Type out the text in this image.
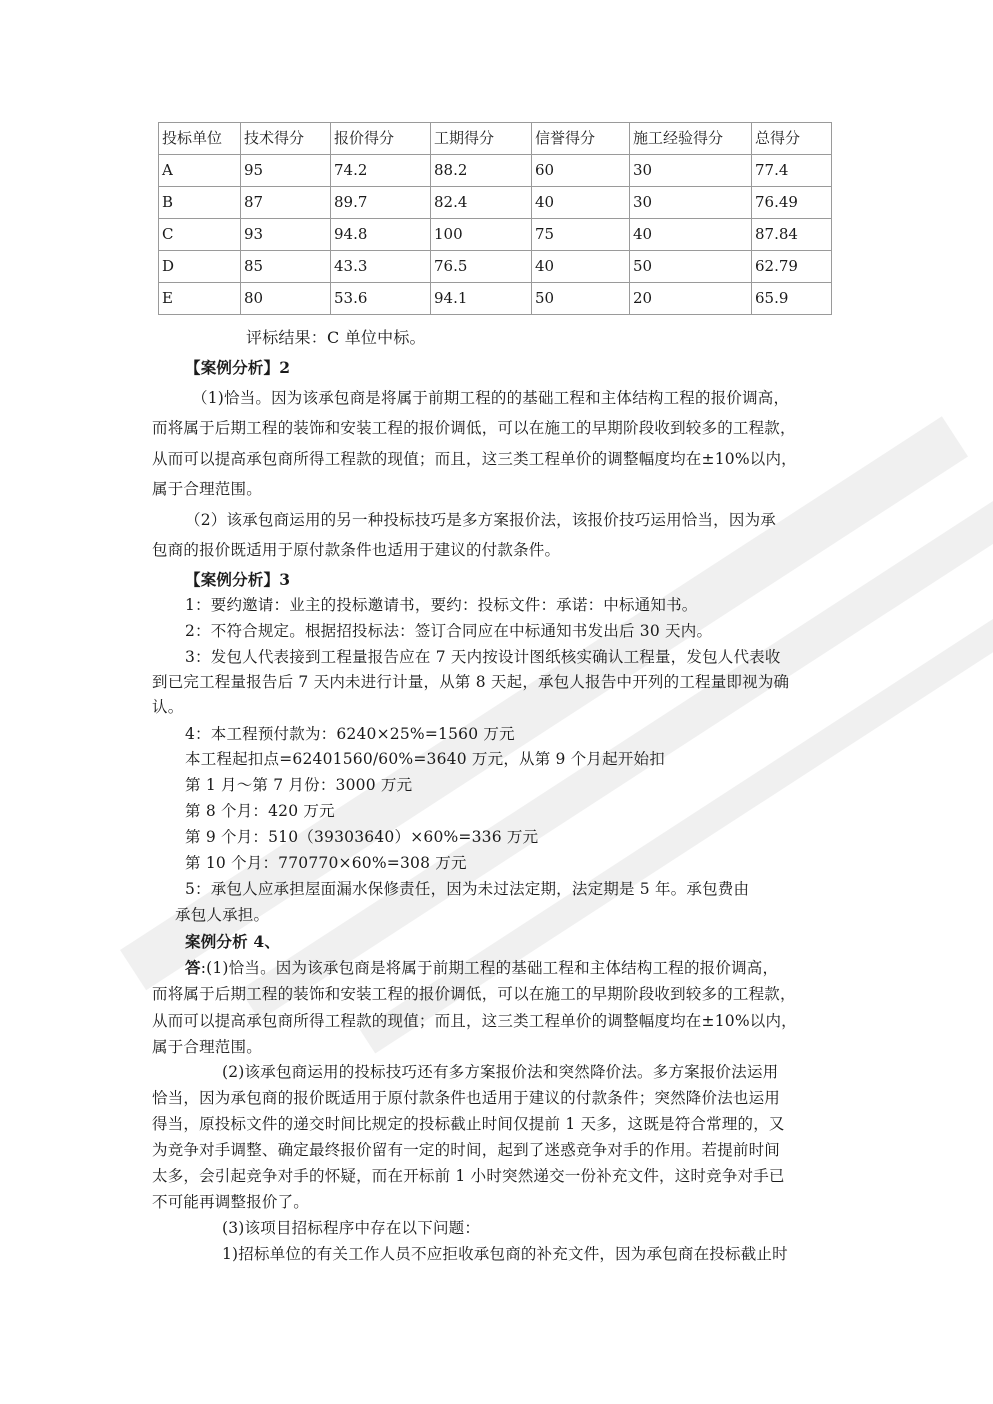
投标单位	技术得分	报价得分	工期得分	信誉得分	施工经验得分	总得分
A	95	74.2	88.2	60	30	77.4
B	87	89.7	82.4	40	30	76.49
C	93	94.8	100	75	40	87.84
D	85	43.3	76.5	40	50	62.79
E	80	53.6	94.1	50	20	65.9
评标结果：C 单位中标。
【案例分析】2
（1)恰当。因为该承包商是将属于前期工程的的基础工程和主体结构工程的报价调高，
而将属于后期工程的装饰和安装工程的报价调低，可以在施工的早期阶段收到较多的工程款，
从而可以提高承包商所得工程款的现值；而且，这三类工程单价的调整幅度均在±10%以内，
属于合理范围。
（2）该承包商运用的另一种投标技巧是多方案报价法，该报价技巧运用恰当，因为承
包商的报价既适用于原付款条件也适用于建议的付款条件。
【案例分析】3
1：要约邀请：业主的投标邀请书，要约：投标文件：承诺：中标通知书。
2：不符合规定。根据招投标法：签订合同应在中标通知书发出后 30 天内。
3：发包人代表接到工程量报告应在 7 天内按设计图纸核实确认工程量，发包人代表收
到已完工程量报告后 7 天内未进行计量，从第 8 天起，承包人报告中开列的工程量即视为确
认。
4：本工程预付款为：6240×25%=1560 万元
本工程起扣点=62401560/60%=3640 万元，从第 9 个月起开始扣
第 1 月～第 7 月份：3000 万元
第 8 个月：420 万元
第 9 个月：510（39303640）×60%=336 万元
第 10 个月：770770×60%=308 万元
5：承包人应承担屋面漏水保修责任，因为未过法定期，法定期是 5 年。承包费由
承包人承担。
案例分析 4、
答:(1)恰当。因为该承包商是将属于前期工程的基础工程和主体结构工程的报价调高，
而将属于后期工程的装饰和安装工程的报价调低，可以在施工的早期阶段收到较多的工程款，
从而可以提高承包商所得工程款的现值；而且，这三类工程单价的调整幅度均在±10%以内，
属于合理范围。
(2)该承包商运用的投标技巧还有多方案报价法和突然降价法。多方案报价法运用
恰当，因为承包商的报价既适用于原付款条件也适用于建议的付款条件；突然降价法也运用
得当，原投标文件的递交时间比规定的投标截止时间仅提前 1 天多，这既是符合常理的，又
为竞争对手调整、确定最终报价留有一定的时间，起到了迷惑竞争对手的作用。若提前时间
太多，会引起竞争对手的怀疑，而在开标前 1 小时突然递交一份补充文件，这时竞争对手已
不可能再调整报价了。
(3)该项目招标程序中存在以下问题：
1)招标单位的有关工作人员不应拒收承包商的补充文件，因为承包商在投标截止时
